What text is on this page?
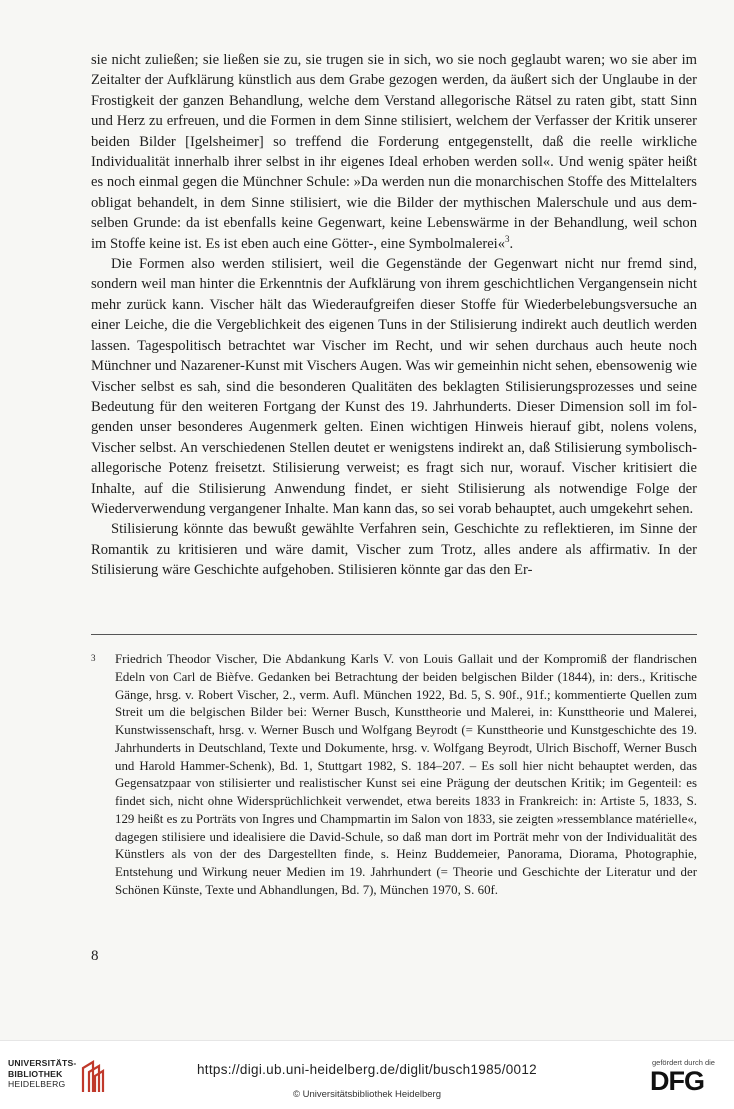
sie nicht zuließen; sie ließen sie zu, sie trugen sie in sich, wo sie noch geglaubt waren; wo sie aber im Zeitalter der Aufklärung künstlich aus dem Grabe gezogen werden, da äußert sich der Unglaube in der Frostigkeit der ganzen Behandlung, welche dem Verstand allegorische Rätsel zu raten gibt, statt Sinn und Herz zu erfreuen, und die Formen in dem Sinne stilisiert, welchem der Verfasser der Kritik unserer beiden Bilder [Igelsheimer] so treffend die Forderung entgegenstellt, daß die reelle wirkliche Individualität innerhalb ihrer selbst in ihr eigenes Ideal erhoben werden soll«. Und wenig später heißt es noch einmal gegen die Münchner Schule: »Da werden nun die monarchischen Stoffe des Mittelalters obligat behandelt, in dem Sinne stilisiert, wie die Bilder der mythischen Malerschule und aus demselben Grunde: da ist ebenfalls keine Gegenwart, keine Lebenswärme in der Behandlung, weil schon im Stoffe keine ist. Es ist eben auch eine Götter-, eine Symbolmalerei«$^3$.

Die Formen also werden stilisiert, weil die Gegenstände der Gegenwart nicht nur fremd sind, sondern weil man hinter die Erkenntnis der Aufklärung von ihrem geschichtlichen Vergangensein nicht mehr zurück kann. Vischer hält das Wiederaufgreifen dieser Stoffe für Wiederbelebungsversuche an einer Leiche, die die Vergeblichkeit des eigenen Tuns in der Stilisierung indirekt auch deutlich werden lassen. Tagespolitisch betrachtet war Vischer im Recht, und wir sehen durchaus auch heute noch Münchner und Nazarener-Kunst mit Vischers Augen. Was wir gemeinhin nicht sehen, ebensowenig wie Vischer selbst es sah, sind die besonderen Qualitäten des beklagten Stilisierungsprozesses und seine Bedeutung für den weiteren Fortgang der Kunst des 19. Jahrhunderts. Dieser Dimension soll im folgenden unser besonderes Augenmerk gelten. Einen wichtigen Hinweis hierauf gibt, nolens volens, Vischer selbst. An verschiedenen Stellen deutet er wenigstens indirekt an, daß Stilisierung symbolisch-allegorische Potenz freisetzt. Stilisierung verweist; es fragt sich nur, worauf. Vischer kritisiert die Inhalte, auf die Stilisierung Anwendung findet, er sieht Stilisierung als notwendige Folge der Wiederverwendung vergangener Inhalte. Man kann das, so sei vorab behauptet, auch umgekehrt sehen.

Stilisierung könnte das bewußt gewählte Verfahren sein, Geschichte zu reflektieren, im Sinne der Romantik zu kritisieren und wäre damit, Vischer zum Trotz, alles andere als affirmativ. In der Stilisierung wäre Geschichte aufgehoben. Stilisieren könnte gar das den Er-

3 Friedrich Theodor Vischer, Die Abdankung Karls V. von Louis Gallait und der Kompromiß der flandrischen Edeln von Carl de Bièfve. Gedanken bei Betrachtung der beiden belgischen Bilder (1844), in: ders., Kritische Gänge, hrsg. v. Robert Vischer, 2., verm. Aufl. München 1922, Bd. 5, S. 90f., 91f.; kommentierte Quellen zum Streit um die belgischen Bilder bei: Werner Busch, Kunsttheorie und Malerei, in: Kunsttheorie und Malerei, Kunstwissenschaft, hrsg. v. Werner Busch und Wolfgang Beyrodt (= Kunsttheorie und Kunstgeschichte des 19. Jahrhunderts in Deutschland, Texte und Dokumente, hrsg. v. Wolfgang Beyrodt, Ulrich Bischoff, Werner Busch und Harold Hammer-Schenk), Bd. 1, Stuttgart 1982, S. 184–207. – Es soll hier nicht behauptet werden, das Gegensatzpaar von stilisierter und realistischer Kunst sei eine Prägung der deutschen Kritik; im Gegenteil: es findet sich, nicht ohne Widersprüchlichkeit verwendet, etwa bereits 1833 in Frankreich: in: Artiste 5, 1833, S. 129 heißt es zu Porträts von Ingres und Champmartin im Salon von 1833, sie zeigten »ressemblance matérielle«, dagegen stilisiere und idealisiere die David-Schule, so daß man dort im Porträt mehr von der Individualität des Künstlers als von der des Dargestellten finde, s. Heinz Buddemeier, Panorama, Diorama, Photographie, Entstehung und Wirkung neuer Medien im 19. Jahrhundert (= Theorie und Geschichte der Literatur und der Schönen Künste, Texte und Abhandlungen, Bd. 7), München 1970, S. 60f.

8
UNIVERSITÄTS-
BIBLIOTHEK
HEIDELBERG
https://digi.ub.uni-heidelberg.de/diglit/busch1985/0012
© Universitätsbibliothek Heidelberg
gefördert durch die
DFG
